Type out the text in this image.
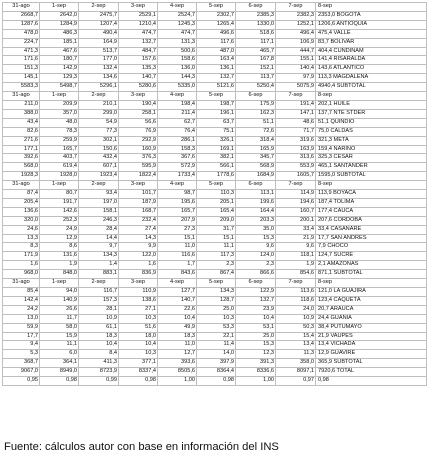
31-ago	1-sep	2-sep	3-sep	4-sep	5-sep	6-sep	7-sep	8-sep
2668,7	2642,0	2475,7	2529,1	2524,7	2302,7	2385,3	2382,3	2353,0 BOGOTÁ
1287,6	1284,9	1207,4	1210,4	1245,3	1265,4	1330,0	1252,1	1206,6 ANTIOQUIA
478,0	486,3	490,4	474,7	474,7	496,6	518,6	496,4	475,4 VALLE
224,7	185,1	164,9	132,7	131,3	117,6	117,1	106,9	83,7 BOLÍVAR
471,3	467,6	513,7	484,7	500,6	487,0	465,7	444,7	404,4 CUNDINAM
171,6	180,7	177,0	157,6	158,6	163,4	167,8	155,1	141,4 RISARALDA
151,3	142,9	132,4	135,3	136,0	136,1	152,1	140,4	143,6 ATLÁNTICO
145,1	129,3	134,6	140,7	144,3	132,7	113,7	97,9	113,3 MAGDALENA
5583,3	5498,7	5296,1	5280,6	5335,0	5121,6	5250,4	5075,9	4940,4 SUBTOTAL
31-ago	1-sep	2-sep	3-sep	4-sep	5-sep	6-sep	7-sep	8-sep
211,0	209,9	210,1	190,4	198,4	198,7	175,9	191,4	202,1 HUILE
388,0	357,0	299,0	258,1	211,4	196,1	162,3	147,1	137,7 NTE STDER
43,4	48,0	54,9	56,6	62,7	63,7	51,1	48,6	51,1 QUINDÍO
82,6	78,3	77,3	76,9	76,4	75,1	72,6	71,7	75,0 CALDAS
271,6	259,9	302,1	292,9	286,1	326,1	318,4	319,6	321,3 META
177,1	165,7	150,6	160,9	158,3	169,1	165,9	163,9	159,4 NARIÑO
392,6	403,7	432,4	376,3	367,6	382,1	345,7	313,6	325,3 CESAR
568,0	619,4	607,1	595,9	572,9	566,1	568,9	553,9	465,1 SANTANDER
1928,3	1928,0	1923,4	1822,4	1733,4	1778,6	1684,9	1605,7	1595,0 SUBTOTAL
31-ago	1-sep	2-sep	3-sep	4-sep	5-sep	6-sep	7-sep	8-sep
87,4	80,7	93,4	101,7	98,7	110,3	113,1	114,9	113,9 BOYACÁ
205,4	191,7	197,0	187,9	195,6	205,1	199,6	194,6	187,4 TOLIMA
136,6	142,6	158,1	168,7	165,7	165,4	164,4	160,7	177,4 CAUCA
320,0	252,3	246,3	232,4	207,9	209,0	203,3	200,1	207,6 CÓRDOBA
24,6	24,9	28,4	27,4	27,3	31,7	35,0	33,4	33,4 CASANARE
13,3	12,9	14,4	14,3	15,1	15,1	15,3	21,9	17,7 SAN ANDRÉS
8,3	8,6	9,7	9,9	11,0	11,1	9,6	9,6	7,9 CHOCÓ
171,9	131,6	134,3	122,0	116,6	117,3	124,0	118,1	124,7 SUCRE
1,6	1,9	1,4	1,6	1,7	2,3	2,3	1,9	2,1 AMAZONAS
968,0	848,0	883,1	836,9	843,6	867,4	866,6	854,6	871,1 SUBTOTAL
31-ago	1-sep	2-sep	3-sep	4-sep	5-sep	6-sep	7-sep	8-sep
85,4	94,0	116,7	110,9	127,7	134,3	122,9	113,6	121,0 LA GUAJIRA
142,4	140,9	157,3	138,6	140,7	128,7	132,7	118,6	123,4 CAQUETÁ
24,2	26,6	28,1	27,1	22,6	25,0	23,9	24,0	20,7 ARAUCA
13,0	11,7	10,9	10,3	10,4	10,3	10,4	10,9	24,4 GUANIA
59,9	58,0	61,1	51,6	49,9	53,3	53,1	50,3	38,4 PUTUMAYO
17,7	15,9	18,3	18,0	18,3	22,1	25,0	15,4	21,9 VAUPÉS
9,4	11,1	10,4	10,4	11,0	11,4	15,3	13,4	13,4 VICHADA
5,3	6,0	8,4	10,3	12,7	14,0	12,3	11,3	12,9 GUAVIRE
368,7	364,1	411,3	377,1	393,6	397,9	391,3	358,0	365,9 SUBTOTAL
9067,0	8949,0	8723,9	8337,4	8505,6	8364,4	8336,6	8097,1	7920,6 TOTAL
0,95	0,98	0,99	0,98	1,00	0,98	1,00	0,97	0,98
Fuente: cálculos autor con base en información del INS
